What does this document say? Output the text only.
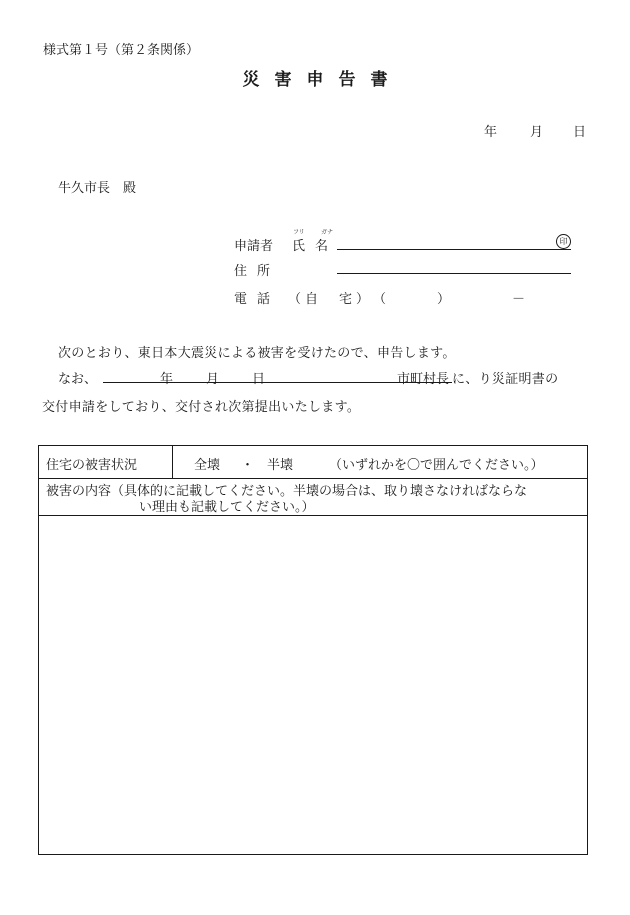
様式第１号（第２条関係）
災害申告書
年	月 日
牛久市長　殿
申請者
フリ	ガナ
氏名	印
住所
電話 （自　宅） （	）	－
次のとおり、東日本大震災による被害を受けたので、申告します。
なお、	年	月	日	市町村長 に、り災証明書の
交付申請をしており、交付され次第提出いたします。
住宅の被害状況	全壊 ・ 半壊	（いずれかを〇で囲んでください。）
被害の内容（具体的に記載してください。半壊の場合は、取り壊さなければならな
い理由も記載してください。）
